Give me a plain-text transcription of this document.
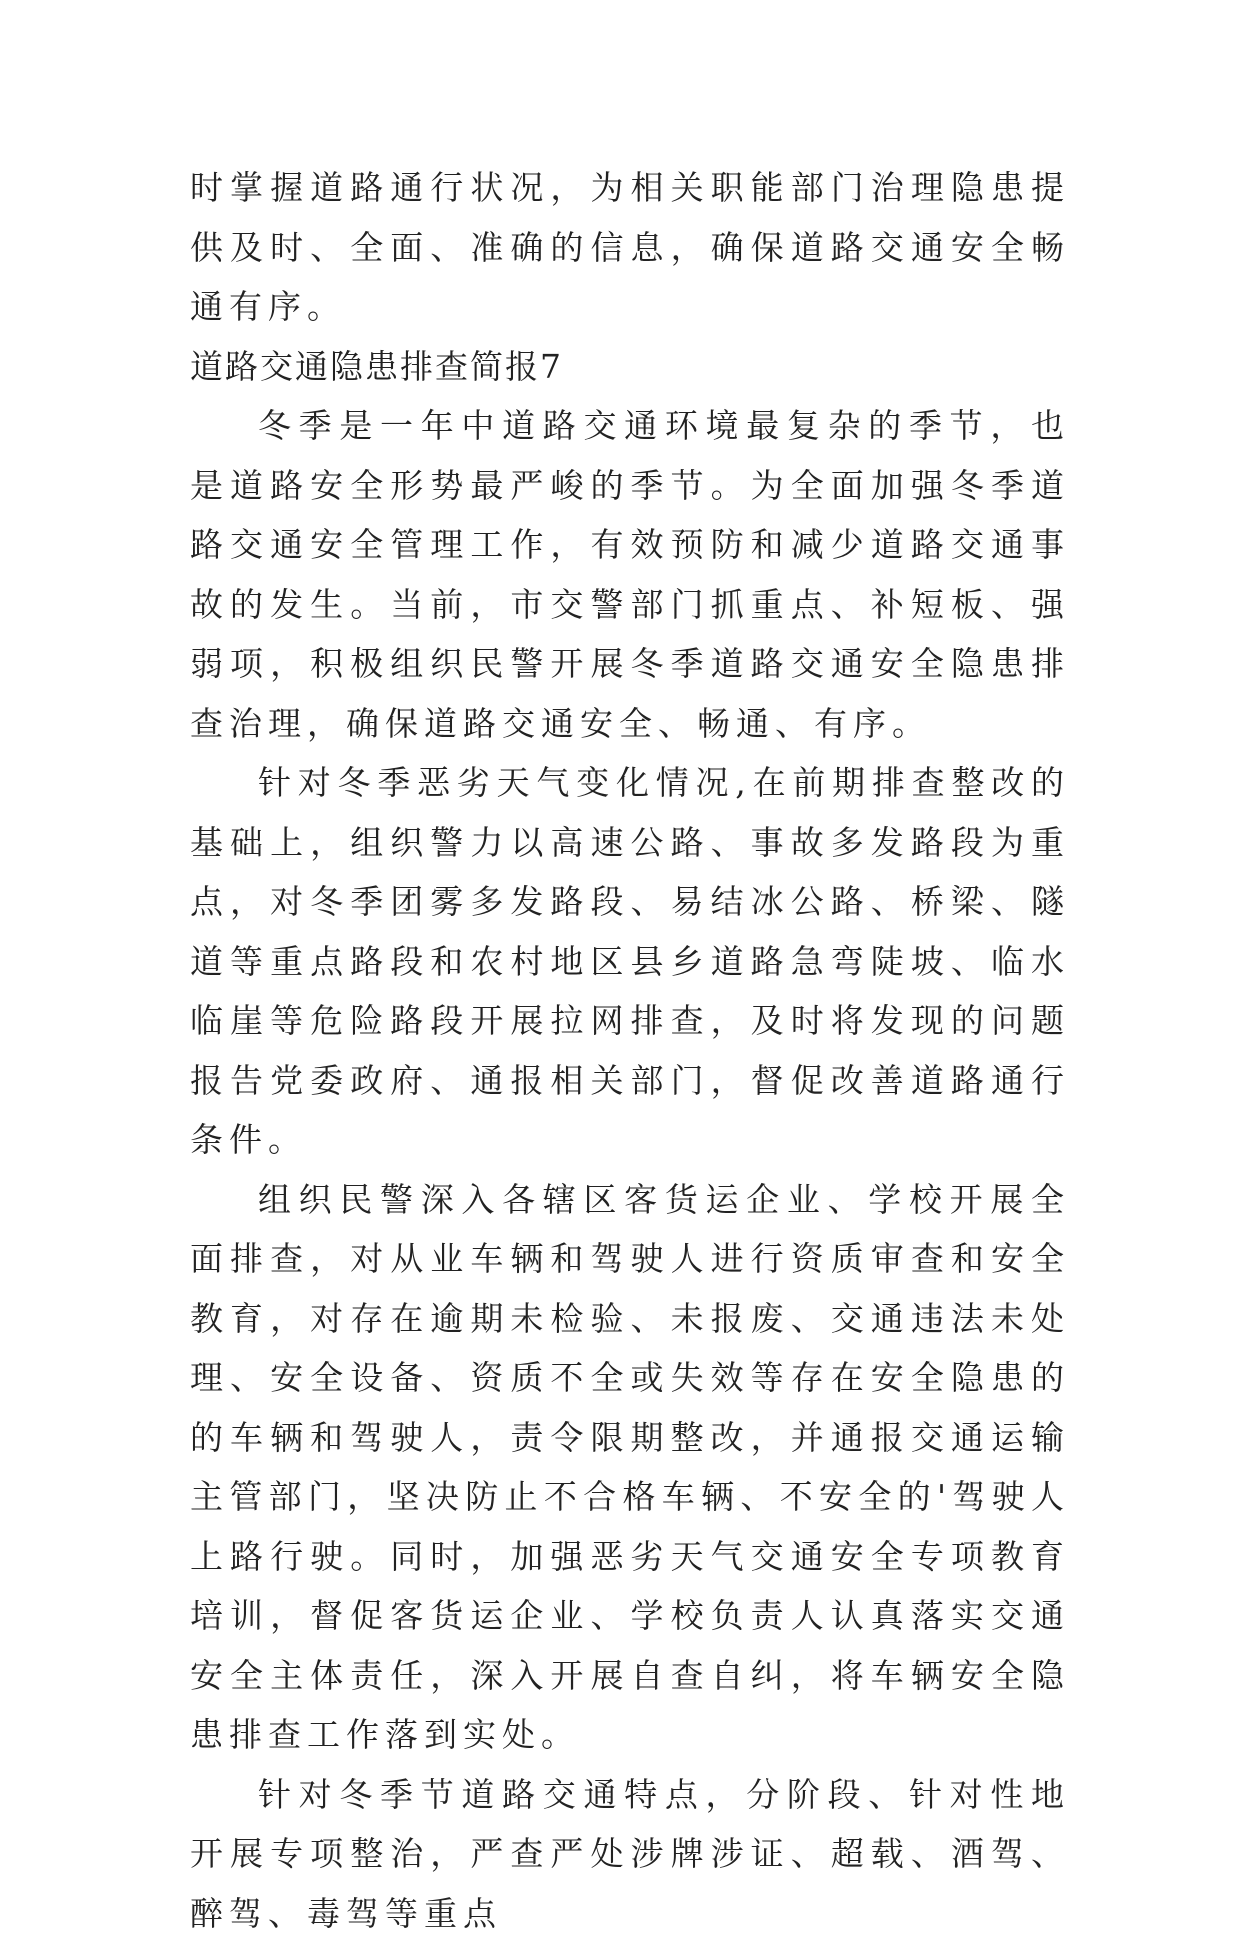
时掌握道路通行状况，为相关职能部门治理隐患提供及时、全面、准确的信息，确保道路交通安全畅通有序。

道路交通隐患排查简报7

冬季是一年中道路交通环境最复杂的季节，也是道路安全形势最严峻的季节。为全面加强冬季道路交通安全管理工作，有效预防和减少道路交通事故的发生。当前，市交警部门抓重点、补短板、强弱项，积极组织民警开展冬季道路交通安全隐患排查治理，确保道路交通安全、畅通、有序。

针对冬季恶劣天气变化情况,在前期排查整改的基础上，组织警力以高速公路、事故多发路段为重点，对冬季团雾多发路段、易结冰公路、桥梁、隧道等重点路段和农村地区县乡道路急弯陡坡、临水临崖等危险路段开展拉网排查，及时将发现的问题报告党委政府、通报相关部门，督促改善道路通行条件。

组织民警深入各辖区客货运企业、学校开展全面排查，对从业车辆和驾驶人进行资质审查和安全教育，对存在逾期未检验、未报废、交通违法未处理、安全设备、资质不全或失效等存在安全隐患的的车辆和驾驶人，责令限期整改，并通报交通运输主管部门，坚决防止不合格车辆、不安全的'驾驶人上路行驶。同时，加强恶劣天气交通安全专项教育培训，督促客货运企业、学校负责人认真落实交通安全主体责任，深入开展自查自纠，将车辆安全隐患排查工作落到实处。

针对冬季节道路交通特点，分阶段、针对性地开展专项整治，严查严处涉牌涉证、超载、酒驾、醉驾、毒驾等重点
